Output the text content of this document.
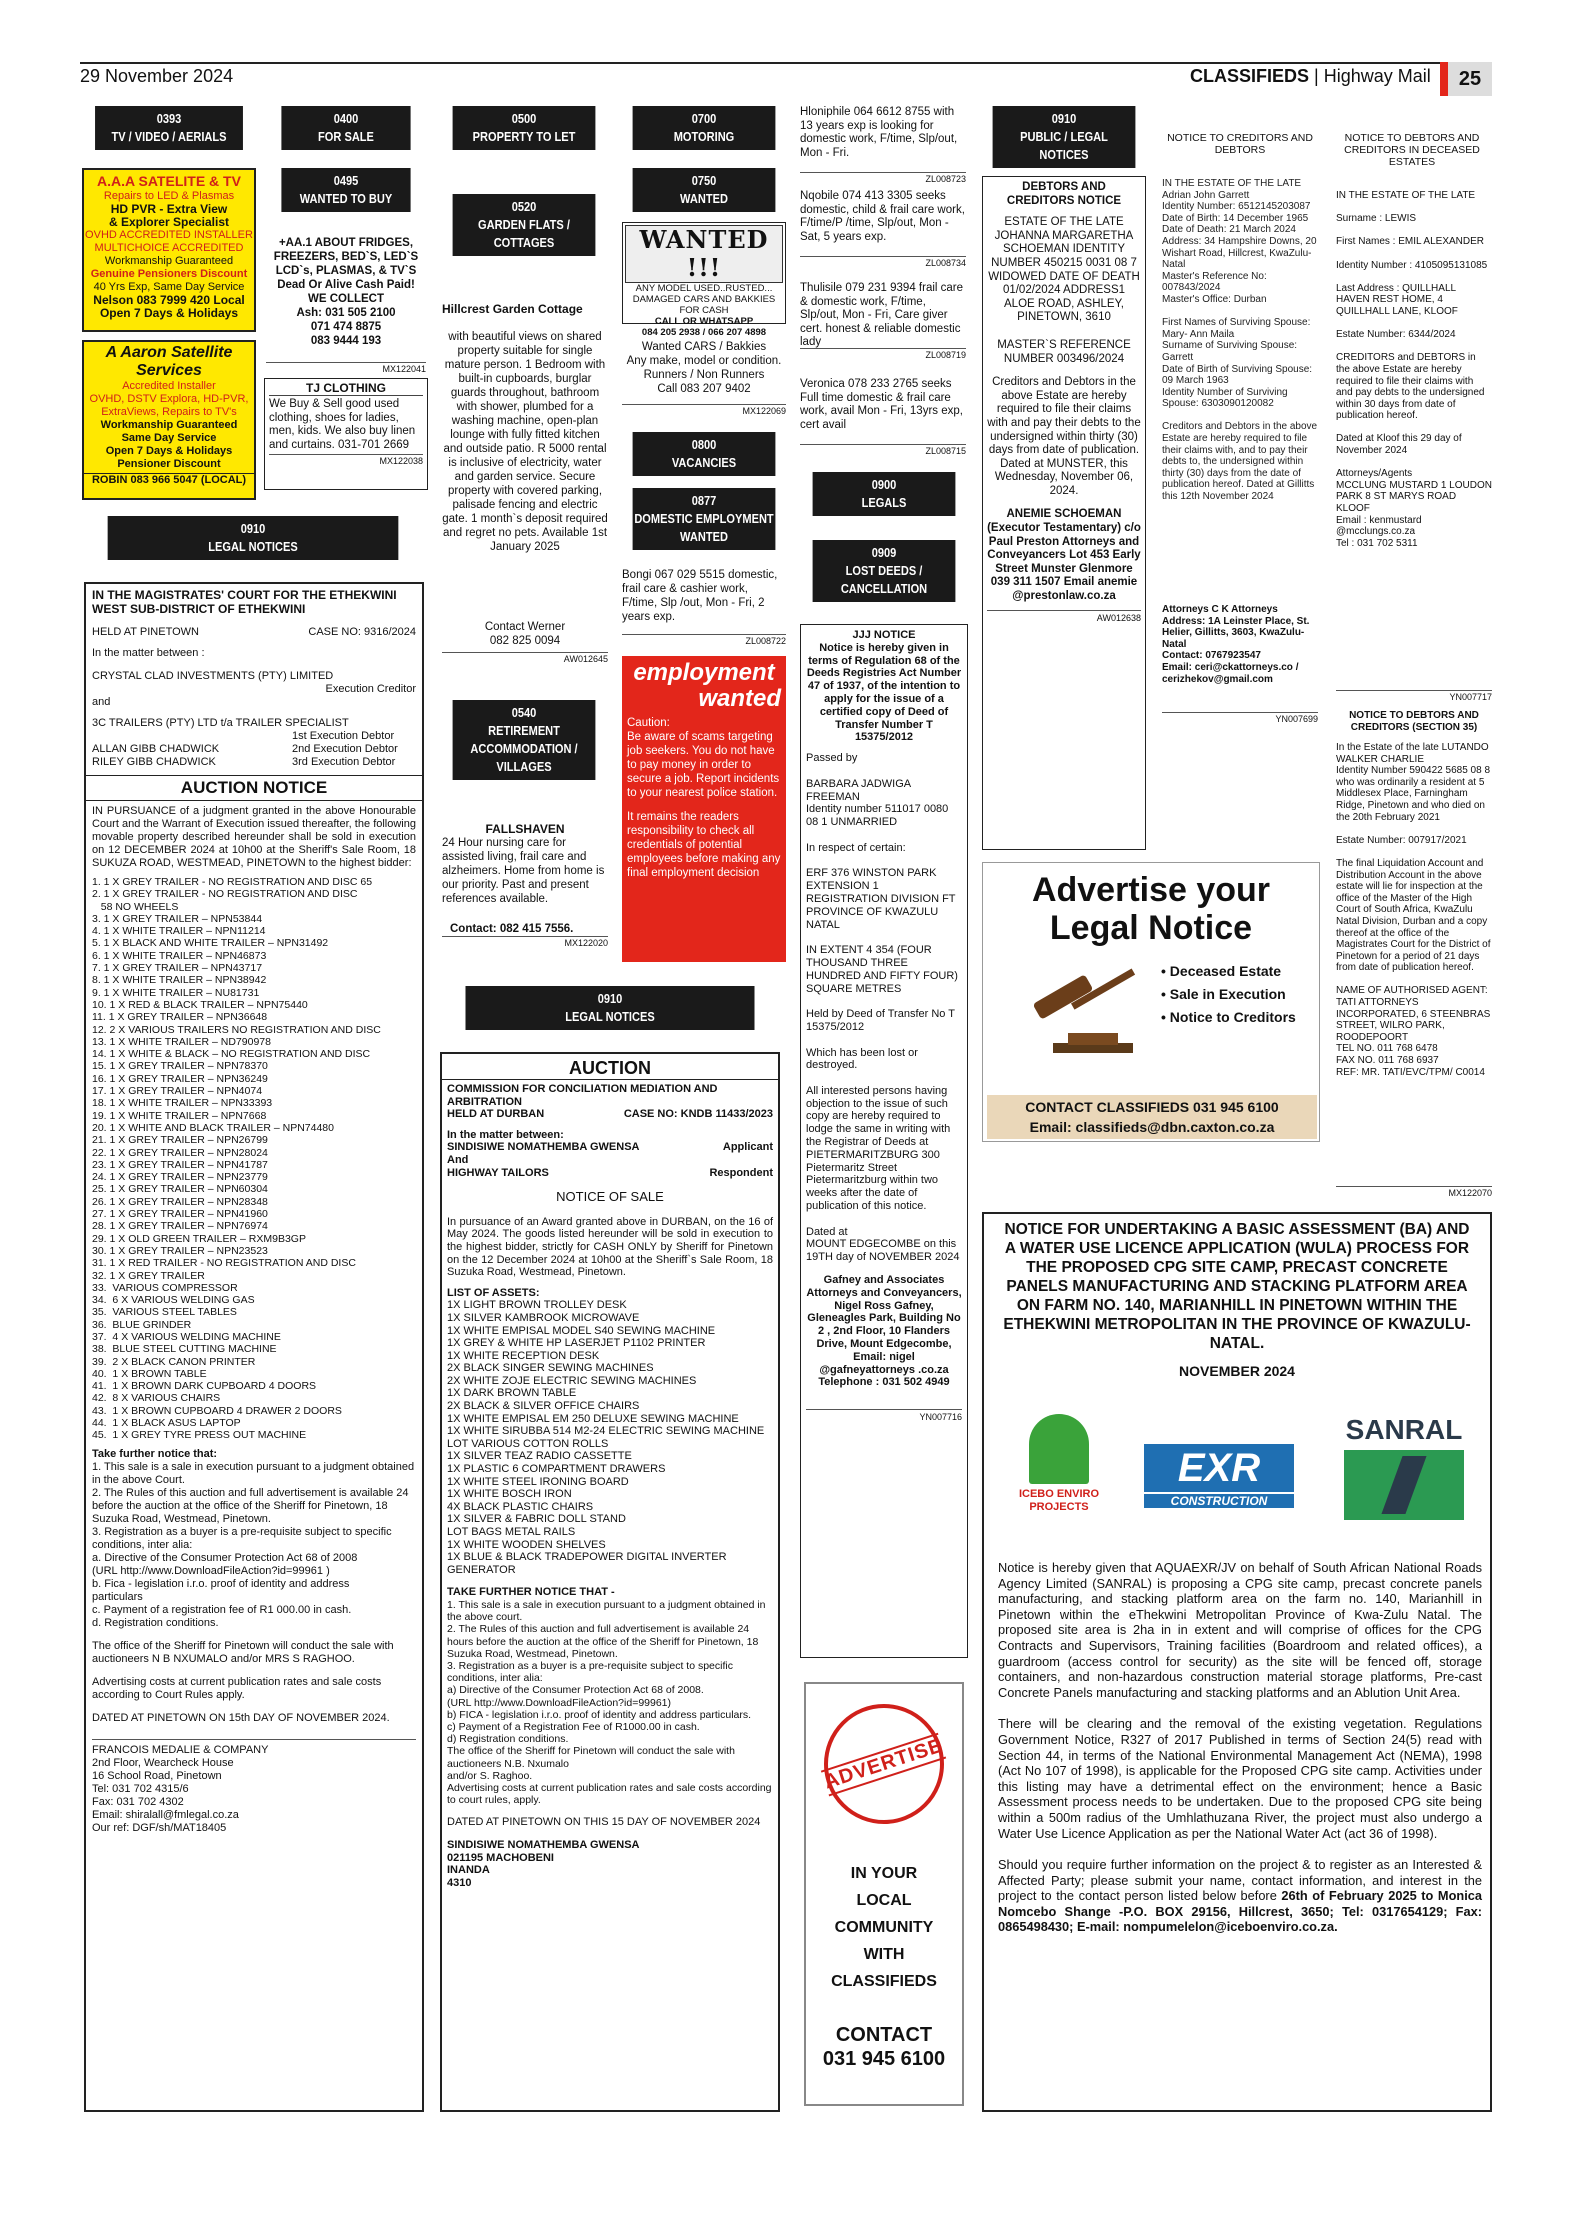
29 November 2024	CLASSIFIEDS | Highway Mail	25
0393
TV / VIDEO / AERIALS
A.A.A SATELITE & TV
Repairs to LED & Plasmas
HD PVR - Extra View
& Explorer Specialist
OVHD ACCREDITED INSTALLER
MULTICHOICE ACCREDITED
Workmanship Guaranteed
Genuine Pensioners Discount
40 Yrs Exp, Same Day Service
Nelson 083 7999 420 Local
Open 7 Days & Holidays
A Aaron Satellite Services
Accredited Installer
OVHD, DSTV Explora, HD-PVR,
ExtraViews, Repairs to TV's
Workmanship Guaranteed
Same Day Service
Open 7 Days & Holidays
Pensioner Discount
ROBIN 083 966 5047 (LOCAL)
0910
LEGAL NOTICES
IN THE MAGISTRATES' COURT FOR THE ETHEKWINI WEST SUB-DISTRICT OF ETHEKWINI
HELD AT PINETOWN	CASE NO: 9316/2024
In the matter between :
CRYSTAL CLAD INVESTMENTS (PTY) LIMITED
Execution Creditor
and
3C TRAILERS (PTY) LTD t/a TRAILER SPECIALIST
1st Execution Debtor
ALLAN GIBB CHADWICK	2nd Execution Debtor
RILEY GIBB CHADWICK	3rd Execution Debtor
AUCTION NOTICE
IN PURSUANCE of a judgment granted in the above Honourable Court and the Warrant of Execution issued thereafter, the following movable property described hereunder shall be sold in execution on 12 DECEMBER 2024 at 10h00 at the Sheriff's Sale Room, 18 SUKUZA ROAD, WESTMEAD, PINETOWN to the highest bidder:
1. 1 X GREY TRAILER - NO REGISTRATION AND DISC 65
2. 1 X GREY TRAILER - NO REGISTRATION AND DISC
58 NO WHEELS
3. 1 X GREY TRAILER – NPN53844
4. 1 X WHITE TRAILER – NPN11214
5. 1 X BLACK AND WHITE TRAILER – NPN31492
6. 1 X WHITE TRAILER – NPN46873
7. 1 X GREY TRAILER – NPN43717
8. 1 X WHITE TRAILER – NPN38942
9. 1 X WHITE TRAILER – NU81731
10. 1 X RED & BLACK TRAILER – NPN75440
11. 1 X GREY TRAILER – NPN36648
12. 2 X VARIOUS TRAILERS NO REGISTRATION AND DISC
13. 1 X WHITE TRAILER – ND790978
14. 1 X WHITE & BLACK – NO REGISTRATION AND DISC
15. 1 X GREY TRAILER – NPN78370
16. 1 X GREY TRAILER – NPN36249
17. 1 X GREY TRAILER – NPN4074
18. 1 X WHITE TRAILER – NPN33393
19. 1 X WHITE TRAILER – NPN7668
20. 1 X WHITE AND BLACK TRAILER – NPN74480
21. 1 X GREY TRAILER – NPN26799
22. 1 X GREY TRAILER – NPN28024
23. 1 X GREY TRAILER – NPN41787
24. 1 X GREY TRAILER – NPN23779
25. 1 X GREY TRAILER – NPN60304
26. 1 X GREY TRAILER – NPN28348
27. 1 X GREY TRAILER – NPN41960
28. 1 X GREY TRAILER – NPN76974
29. 1 X OLD GREEN TRAILER – RXM9B3GP
30. 1 X GREY TRAILER – NPN23523
31. 1 X RED TRAILER - NO REGISTRATION AND DISC
32. 1 X GREY TRAILER
33.  VARIOUS COMPRESSOR
34.  6 X VARIOUS WELDING GAS
35.  VARIOUS STEEL TABLES
36.  BLUE GRINDER
37.  4 X VARIOUS WELDING MACHINE
38.  BLUE STEEL CUTTING MACHINE
39.  2 X BLACK CANON PRINTER
40.  1 X BROWN TABLE
41.  1 X BROWN DARK CUPBOARD 4 DOORS
42.  8 X VARIOUS CHAIRS
43.  1 X BROWN CUPBOARD 4 DRAWER 2 DOORS
44.  1 X BLACK ASUS LAPTOP
45.  1 X GREY TYRE PRESS OUT MACHINE
Take further notice that:
1. This sale is a sale in execution pursuant to a judgment obtained in the above Court.
2. The Rules of this auction and full advertisement is available 24 before the auction at the office of the Sheriff for Pinetown, 18 Suzuka Road, Westmead, Pinetown.
3. Registration as a buyer is a pre-requisite subject to specific conditions, inter alia:
a. Directive of the Consumer Protection Act 68 of 2008
(URL http://www.DownloadFileAction?id=99961 )
b. Fica - legislation i.r.o. proof of identity and address
particulars
c. Payment of a registration fee of R1 000.00 in cash.
d. Registration conditions.
The office of the Sheriff for Pinetown will conduct the sale with auctioneers N B NXUMALO and/or MRS S RAGHOO.
Advertising costs at current publication rates and sale costs according to Court Rules apply.
DATED AT PINETOWN ON 15th DAY OF NOVEMBER 2024.
FRANCOIS MEDALIE & COMPANY
2nd Floor, Wearcheck House
16 School Road, Pinetown
Tel: 031 702 4315/6
Fax: 031 702 4302
Email: shiralall@fmlegal.co.za
Our ref: DGF/sh/MAT18405
0400
FOR SALE
0495
WANTED TO BUY
+AA.1 ABOUT FRIDGES, FREEZERS, BED`S, LED`S LCD`s, PLASMAS, & TV`S
Dead Or Alive Cash Paid!
WE COLLECT
Ash: 031 505 2100
071 474 8875
083 9444 193
MX122041
TJ CLOTHING
We Buy & Sell good used clothing, shoes for ladies, men, kids. We also buy linen and curtains. 031-701 2669
MX122038
0500
PROPERTY TO LET
0520
GARDEN FLATS / COTTAGES
Hillcrest Garden Cottage
with beautiful views on shared property suitable for single mature person. 1 Bedroom with built-in cupboards, burglar guards throughout, bathroom with shower, plumbed for a washing machine, open-plan lounge with fully fitted kitchen and outside patio. R 5000 rental is inclusive of electricity, water and garden service. Secure property with covered parking, palisade fencing and electric gate. 1 month`s deposit required and regret no pets. Available 1st January 2025
Contact Werner
082 825 0094
AW012645
0540
RETIREMENT ACCOMMODATION / VILLAGES
FALLSHAVEN
24 Hour nursing care for assisted living, frail care and alzheimers. Home from home is our priority. Past and present references available.
Contact: 082 415 7556.
MX122020
0910
LEGAL NOTICES
AUCTION
COMMISSION FOR CONCILIATION MEDIATION AND ARBITRATION
HELD AT DURBAN	CASE NO: KNDB 11433/2023
In the matter between:
SINDISIWE NOMATHEMBA GWENSA	Applicant
And
HIGHWAY TAILORS	Respondent
NOTICE OF SALE
In pursuance of an Award granted above in DURBAN, on the 16 of May 2024. The goods listed hereunder will be sold in execution to the highest bidder, strictly for CASH ONLY by Sheriff for Pinetown on the 12 December 2024 at 10h00 at the Sheriff`s Sale Room, 18 Suzuka Road, Westmead, Pinetown.
LIST OF ASSETS:
1X LIGHT BROWN TROLLEY DESK
1X SILVER KAMBROOK MICROWAVE
1X WHITE EMPISAL MODEL S40 SEWING MACHINE
1X GREY & WHITE HP LASERJET P1102 PRINTER
1X WHITE RECEPTION DESK
2X BLACK SINGER SEWING MACHINES
2X WHITE ZOJE ELECTRIC SEWING MACHINES
1X DARK BROWN TABLE
2X BLACK & SILVER OFFICE CHAIRS
1X WHITE EMPISAL EM 250 DELUXE SEWING MACHINE
1X WHITE SIRUBBA 514 M2-24 ELECTRIC SEWING MACHINE
LOT VARIOUS COTTON ROLLS
1X SILVER TEAZ RADIO CASSETTE
1X PLASTIC 6 COMPARTMENT DRAWERS
1X WHITE STEEL IRONING BOARD
1X WHITE BOSCH IRON
4X BLACK PLASTIC CHAIRS
1X SILVER & FABRIC DOLL STAND
LOT BAGS METAL RAILS
1X WHITE WOODEN SHELVES
1X BLUE & BLACK TRADEPOWER DIGITAL INVERTER GENERATOR
TAKE FURTHER NOTICE THAT -
1. This sale is a sale in execution pursuant to a judgment obtained in the above court.
2. The Rules of this auction and full advertisement is available 24 hours before the auction at the office of the Sheriff for Pinetown, 18 Suzuka Road, Westmead, Pinetown.
3. Registration as a buyer is a pre-requisite subject to specific conditions, inter alia:
a) Directive of the Consumer Protection Act 68 of 2008.
(URL http://www.DownloadFileAction?id=99961)
b) FICA - legislation i.r.o. proof of identity and address particulars.
c) Payment of a Registration Fee of R1000.00 in cash.
d) Registration conditions.
The office of the Sheriff for Pinetown will conduct the sale with auctioneers N.B. Nxumalo
and/or S. Raghoo.
Advertising costs at current publication rates and sale costs according to court rules, apply.
DATED AT PINETOWN ON THIS 15 DAY OF NOVEMBER 2024
SINDISIWE NOMATHEMBA GWENSA
021195 MACHOBENI
INANDA
4310
0700
MOTORING
0750
WANTED
WANTED !!!
ANY MODEL USED..RUSTED...
DAMAGED CARS AND BAKKIES
FOR CASH
CALL OR WHATSAPP
084 205 2938 / 066 207 4898
Wanted CARS / Bakkies
Any make, model or condition.
Runners / Non Runners
Call 083 207 9402
MX122069
0800
VACANCIES
0877
DOMESTIC EMPLOYMENT WANTED
Bongi 067 029 5515 domestic, frail care & cashier work, F/time, Slp /out, Mon - Fri, 2 years exp.
ZL008722
employment
wanted
Caution:
Be aware of scams targeting job seekers. You do not have to pay money in order to secure a job. Report incidents to your nearest police station.
It remains the readers responsibility to check all credentials of potential employees before making any final employment decision
Hloniphile 064 6612 8755 with 13 years exp is looking for domestic work, F/time, Slp/out, Mon - Fri.
ZL008723
Nqobile 074 413 3305 seeks domestic, child & frail care work, F/time/P /time, Slp/out, Mon - Sat, 5 years exp.
ZL008734
Thulisile 079 231 9394 frail care & domestic work, F/time, Slp/out, Mon - Fri, Care giver cert. honest & reliable domestic lady
ZL008719
Veronica 078 233 2765 seeks Full time domestic & frail care work, avail Mon - Fri, 13yrs exp, cert avail
ZL008715
0900
LEGALS
0909
LOST DEEDS / CANCELLATION
JJJ NOTICE
Notice is hereby given in terms of Regulation 68 of the Deeds Registries Act Number 47 of 1937, of the intention to apply for the issue of a certified copy of Deed of Transfer Number T 15375/2012
Passed by

BARBARA JADWIGA FREEMAN
Identity number 511017 0080 08 1 UNMARRIED

In respect of certain:

ERF 376 WINSTON PARK EXTENSION 1 REGISTRATION DIVISION FT PROVINCE OF KWAZULU NATAL

IN EXTENT 4 354 (FOUR THOUSAND THREE HUNDRED AND FIFTY FOUR) SQUARE METRES

Held by Deed of Transfer No T 15375/2012

Which has been lost or destroyed.

All interested persons having objection to the issue of such copy are hereby required to lodge the same in writing with the Registrar of Deeds at PIETERMARITZBURG 300 Pietermaritz Street Pietermaritzburg within two weeks after the date of publication of this notice.

Dated at
MOUNT EDGECOMBE on this 19TH day of NOVEMBER 2024
Gafney and Associates Attorneys and Conveyancers, Nigel Ross Gafney, Gleneagles Park, Building No 2 , 2nd Floor, 10 Flanders Drive, Mount Edgecombe, Email: nigel @gafneyattorneys .co.za Telephone : 031 502 4949
YN007716
ADVERTISE
IN YOUR
LOCAL
COMMUNITY
WITH
CLASSIFIEDS
CONTACT
031 945 6100
0910
PUBLIC / LEGAL NOTICES
DEBTORS AND CREDITORS NOTICE
ESTATE OF THE LATE JOHANNA MARGARETHA SCHOEMAN IDENTITY NUMBER 450215 0031 08 7 WIDOWED DATE OF DEATH 01/02/2024 ADDRESS1 ALOE ROAD, ASHLEY, PINETOWN, 3610
MASTER`S REFERENCE NUMBER 003496/2024
Creditors and Debtors in the above Estate are hereby required to file their claims with and pay their debts to the undersigned within thirty (30) days from date of publication.
Dated at MUNSTER, this Wednesday, November 06, 2024.
ANEMIE SCHOEMAN (Executor Testamentary) c/o Paul Preston Attorneys and Conveyancers Lot 453 Early Street Munster Glenmore 039 311 1507 Email anemie @prestonlaw.co.za
AW012638
Advertise your
Legal Notice
• Deceased Estate
• Sale in Execution
• Notice to Creditors
CONTACT CLASSIFIEDS 031 945 6100
Email: classifieds@dbn.caxton.co.za
NOTICE TO CREDITORS AND DEBTORS
IN THE ESTATE OF THE LATE
Adrian John Garrett
Identity Number: 6512145203087
Date of Birth: 14 December 1965
Date of Death: 21 March 2024
Address: 34 Hampshire Downs, 20 Wishart Road, Hillcrest, KwaZulu- Natal
Master's Reference No: 007843/2024
Master's Office: Durban

First Names of Surviving Spouse: Mary- Ann Maila
Surname of Surviving Spouse: Garrett
Date of Birth of Surviving Spouse: 09 March 1963
Identity Number of Surviving Spouse: 6303090120082

Creditors and Debtors in the above Estate are hereby required to file their claims with, and to pay their debts to, the undersigned within thirty (30) days from the date of publication hereof. Dated at Gillitts this 12th November 2024
Attorneys C K Attorneys
Address: 1A Leinster Place, St. Helier, Gillitts, 3603, KwaZulu-Natal
Contact: 0767923547
Email: ceri@ckattorneys.co / cerizhekov@gmail.com
YN007699
NOTICE TO DEBTORS AND CREDITORS IN DECEASED ESTATES
IN THE ESTATE OF THE LATE

Surname : LEWIS

First Names : EMIL ALEXANDER

Identity Number : 4105095131085

Last Address : QUILLHALL HAVEN REST HOME, 4 QUILLHALL LANE, KLOOF

Estate Number: 6344/2024

CREDITORS and DEBTORS in the above Estate are hereby required to file their claims with and pay debts to the undersigned within 30 days from date of publication hereof.

Dated at Kloof this 29 day of November 2024

Attorneys/Agents
MCCLUNG MUSTARD 1 LOUDON PARK 8 ST MARYS ROAD KLOOF
Email : kenmustard @mcclungs.co.za
Tel : 031 702 5311
YN007717
NOTICE TO DEBTORS AND CREDITORS (SECTION 35)
In the Estate of the late LUTANDO WALKER CHARLIE
Identity Number 590422 5685 08 8
who was ordinarily a resident at 5 Middlesex Place, Farningham Ridge, Pinetown and who died on the 20th February 2021

Estate Number: 007917/2021

The final Liquidation Account and Distribution Account in the above estate will lie for inspection at the office of the Master of the High Court of South Africa, KwaZulu Natal Division, Durban and a copy thereof at the office of the Magistrates Court for the District of Pinetown for a period of 21 days from date of publication hereof.

NAME OF AUTHORISED AGENT:
TATI ATTORNEYS INCORPORATED, 6 STEENBRAS STREET, WILRO PARK, ROODEPOORT
TEL NO. 011 768 6478
FAX NO. 011 768 6937
REF: MR. TATI/EVC/TPM/ C0014
MX122070
NOTICE FOR UNDERTAKING A BASIC ASSESSMENT (BA) AND A WATER USE LICENCE APPLICATION (WULA) PROCESS FOR THE PROPOSED CPG SITE CAMP, PRECAST CONCRETE PANELS MANUFACTURING AND STACKING PLATFORM AREA ON FARM NO. 140, MARIANHILL IN PINETOWN WITHIN THE ETHEKWINI METROPOLITAN IN THE PROVINCE OF KWAZULU-NATAL.
NOVEMBER 2024
ICEBO ENVIRO PROJECTS
EXR
CONSTRUCTION
SANRAL
Notice is hereby given that AQUAEXR/JV on behalf of South African National Roads Agency Limited (SANRAL) is proposing a CPG site camp, precast concrete panels manufacturing, and stacking platform area on the farm no. 140, Marianhill in Pinetown within the eThekwini Metropolitan Province of Kwa-Zulu Natal. The proposed site area is 2ha in in extent and will comprise of offices for the CPG Contracts and Supervisors, Training facilities (Boardroom and related offices), a guardroom (access control for security) as the site will be fenced off, storage containers, and non-hazardous construction material storage platforms, Pre-cast Concrete Panels manufacturing and stacking platforms and an Ablution Unit Area.
There will be clearing and the removal of the existing vegetation. Regulations Government Notice, R327 of 2017 Published in terms of Section 24(5) read with Section 44, in terms of the National Environmental Management Act (NEMA), 1998 (Act No 107 of 1998), is applicable for the Proposed CPG site camp. Activities under this listing may have a detrimental effect on the environment; hence a Basic Assessment process needs to be undertaken. Due to the proposed CPG site being within a 500m radius of the Umhlathuzana River, the project must also undergo a Water Use Licence Application as per the National Water Act (act 36 of 1998).
Should you require further information on the project & to register as an Interested & Affected Party; please submit your name, contact information, and interest in the project to the contact person listed below before 26th of February 2025 to Monica Nomcebo Shange -P.O. BOX 29156, Hillcrest, 3650; Tel: 0317654129; Fax: 0865498430; E-mail: nompumelelon@iceboenviro.co.za.
